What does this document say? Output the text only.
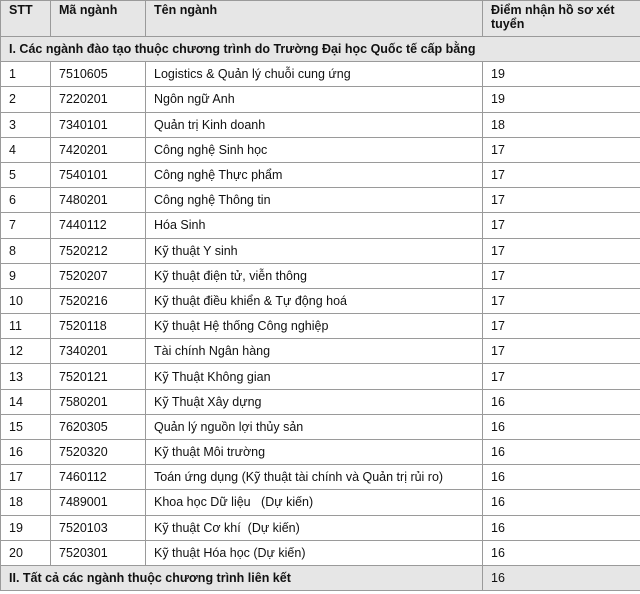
STT	Mã ngành	Tên ngành	Điểm nhận hồ sơ xét tuyển
I. Các ngành đào tạo thuộc chương trình do Trường Đại học Quốc tế cấp bằng			
1	7510605	Logistics & Quản lý chuỗi cung ứng	19
2	7220201	Ngôn ngữ Anh	19
3	7340101	Quản trị Kinh doanh	18
4	7420201	Công nghệ Sinh học	17
5	7540101	Công nghệ Thực phẩm	17
6	7480201	Công nghệ Thông tin	17
7	7440112	Hóa Sinh	17
8	7520212	Kỹ thuật Y sinh	17
9	7520207	Kỹ thuật điện tử, viễn thông	17
10	7520216	Kỹ thuật điều khiển & Tự động hoá	17
11	7520118	Kỹ thuật Hệ thống Công nghiệp	17
12	7340201	Tài chính Ngân hàng	17
13	7520121	Kỹ Thuật Không gian	17
14	7580201	Kỹ Thuật Xây dựng	16
15	7620305	Quản lý nguồn lợi thủy sản	16
16	7520320	Kỹ thuật Môi trường	16
17	7460112	Toán ứng dụng (Kỹ thuật tài chính và Quản trị rủi ro)	16
18	7489001	Khoa học Dữ liệu   (Dự kiến)	16
19	7520103	Kỹ thuật Cơ khí  (Dự kiến)	16
20	7520301	Kỹ thuật Hóa học (Dự kiến)	16
II. Tất cả các ngành thuộc chương trình liên kết			16
